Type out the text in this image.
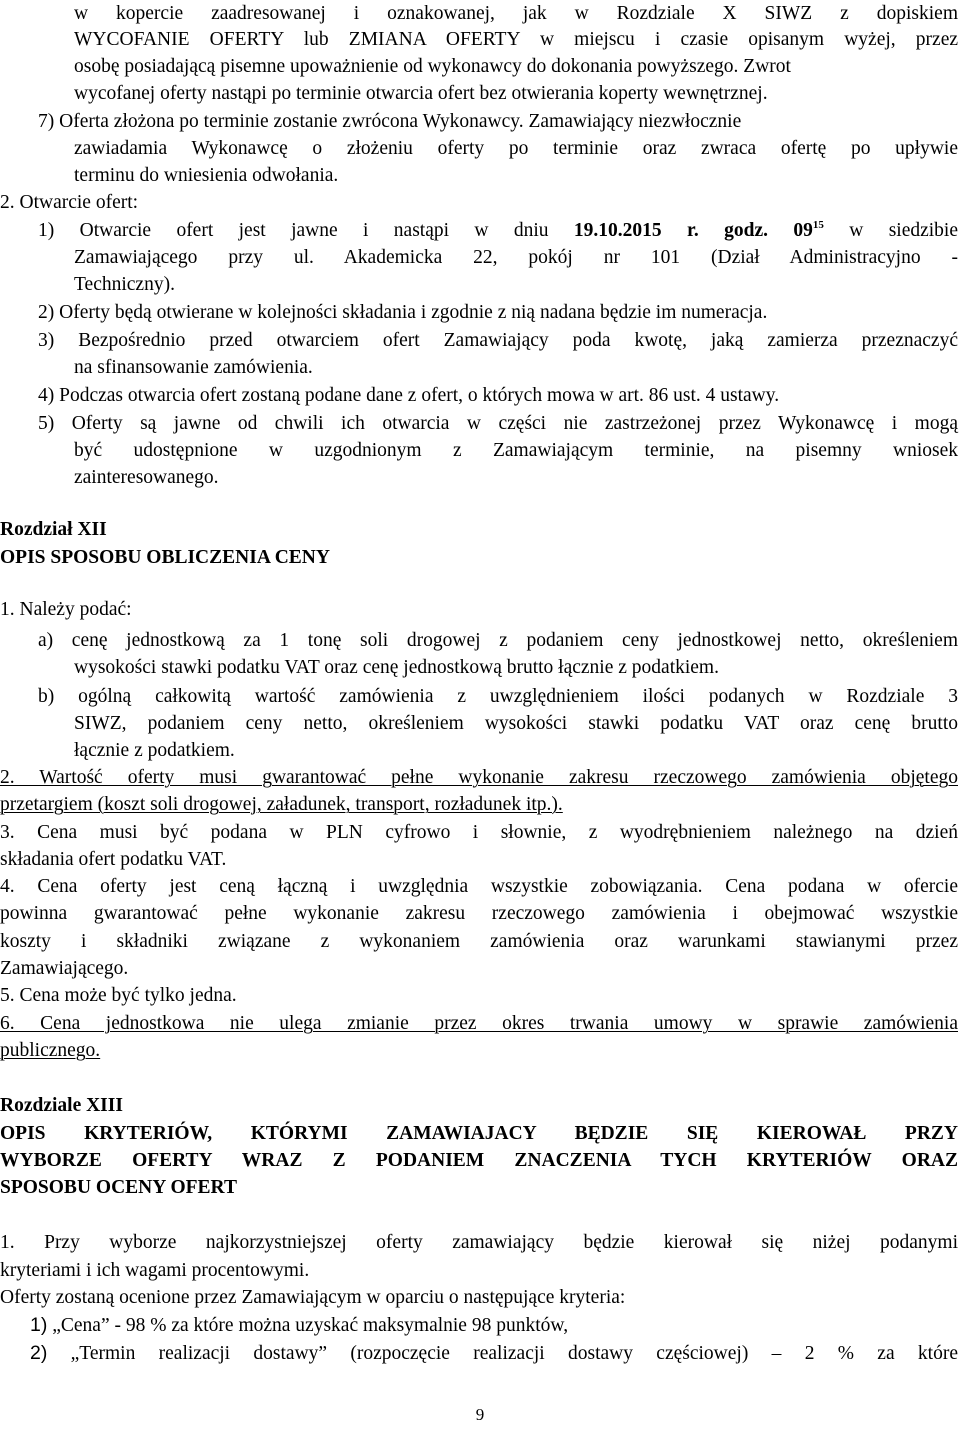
w kopercie zaadresowanej i oznakowanej, jak w Rozdziale X SIWZ z dopiskiem
WYCOFANIE OFERTY lub ZMIANA OFERTY w miejscu i czasie opisanym wyżej, przez
osobę posiadającą pisemne upoważnienie od wykonawcy do dokonania powyższego. Zwrot
wycofanej oferty nastąpi po terminie otwarcia ofert bez otwierania koperty wewnętrznej.
7) Oferta złożona po terminie zostanie zwrócona Wykonawcy. Zamawiający niezwłocznie
zawiadamia Wykonawcę o złożeniu oferty po terminie oraz zwraca ofertę po upływie
terminu do wniesienia odwołania.
2. Otwarcie ofert:
1) Otwarcie ofert jest jawne i nastąpi w dniu 19.10.2015 r. godz. $09^{15}$ w siedzibie
Zamawiającego przy ul. Akademicka 22, pokój nr 101 (Dział Administracyjno -
Techniczny).
2) Oferty będą otwierane w kolejności składania i zgodnie z nią nadana będzie im numeracja.
3) Bezpośrednio przed otwarciem ofert Zamawiający poda kwotę, jaką zamierza przeznaczyć
na sfinansowanie zamówienia.
4) Podczas otwarcia ofert zostaną podane dane z ofert, o których mowa w art. 86 ust. 4 ustawy.
5) Oferty są jawne od chwili ich otwarcia w części nie zastrzeżonej przez Wykonawcę i mogą
być udostępnione w uzgodnionym z Zamawiającym terminie, na pisemny wniosek
zainteresowanego.
Rozdział XII
OPIS SPOSOBU OBLICZENIA CENY
1. Należy podać:
a) cenę jednostkową za 1 tonę soli drogowej z podaniem ceny jednostkowej netto, określeniem
wysokości stawki podatku VAT oraz cenę jednostkową brutto łącznie z podatkiem.
b) ogólną całkowitą wartość zamówienia z uwzględnieniem ilości podanych w Rozdziale 3
SIWZ, podaniem ceny netto, określeniem wysokości stawki podatku VAT oraz cenę brutto
łącznie z podatkiem.
2. Wartość oferty musi gwarantować pełne wykonanie zakresu rzeczowego zamówienia objętego
przetargiem (koszt soli drogowej, załadunek, transport, rozładunek itp.).
3. Cena musi być podana w PLN cyfrowo i słownie, z wyodrębnieniem należnego na dzień
składania ofert podatku VAT.
4. Cena oferty jest ceną łączną i uwzględnia wszystkie zobowiązania. Cena podana w ofercie
powinna gwarantować pełne wykonanie zakresu rzeczowego zamówienia i obejmować wszystkie
koszty i składniki związane z wykonaniem zamówienia oraz warunkami stawianymi przez
Zamawiającego.
5. Cena może być tylko jedna.
6. Cena jednostkowa nie ulega zmianie przez okres trwania umowy w sprawie zamówienia
publicznego.
Rozdziale XIII
OPIS KRYTERIÓW, KTÓRYMI ZAMAWIAJACY BĘDZIE SIĘ KIEROWAŁ PRZY
WYBORZE OFERTY WRAZ Z PODANIEM ZNACZENIA TYCH KRYTERIÓW ORAZ
SPOSOBU OCENY OFERT
1. Przy wyborze najkorzystniejszej oferty zamawiający będzie kierował się niżej podanymi
kryteriami i ich wagami procentowymi.
Oferty zostaną ocenione przez Zamawiającym w oparciu o następujące kryteria:
1) „Cena” - 98 % za które można uzyskać maksymalnie 98 punktów,
2) „Termin realizacji dostawy” (rozpoczęcie realizacji dostawy częściowej) – 2 % za które
9
